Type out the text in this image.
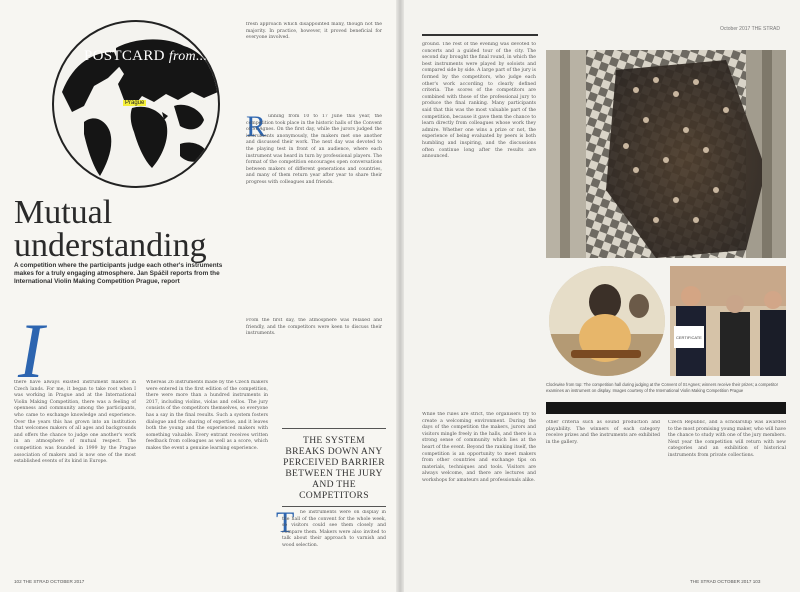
POSTCARD from...
Prague
fresh approach which disappointed many, though not the majority. In practice, however, it proved beneficial for everyone involved.
R unning from 10 to 17 June this year, the competition took place in the historic halls of the Convent of St Agnes. On the first day, while the jurors judged the instruments anonymously, the makers met one another and discussed their work. The next day was devoted to the playing test in front of an audience, where each instrument was heard in turn by professional players. The format of the competition encourages open conversations between makers of different generations and countries, and many of them return year after year to share their progress with colleagues and friends.
From the first day, the atmosphere was relaxed and friendly, and the competitors were keen to discuss their instruments.
Mutual understanding
A competition where the participants judge each other's instruments makes for a truly engaging atmosphere. Jan Spáčil reports from the International Violin Making Competition Prague, report
I
there have always existed instrument makers in Czech lands. For me, it began to take root when I was working in Prague and at the International Violin Making Competition, there was a feeling of openness and community among the participants, who came to exchange knowledge and experience. Over the years this has grown into an institution that welcomes makers of all ages and backgrounds and offers the chance to judge one another's work in an atmosphere of mutual respect. The competition was founded in 1999 by the Prague association of makers and is now one of the most established events of its kind in Europe.
Whereas 26 instruments made by the Czech makers were entered in the first edition of the competition, there were more than a hundred instruments in 2017, including violins, violas and cellos. The jury consists of the competitors themselves, so everyone has a say in the final results. Such a system fosters dialogue and the sharing of expertise, and it leaves both the young and the experienced makers with something valuable. Every entrant receives written feedback from colleagues as well as a score, which makes the event a genuine learning experience.
THE SYSTEM BREAKS DOWN ANY PERCEIVED BARRIER BETWEEN THE JURY AND THE COMPETITORS
T	he instruments were on display in the hall of the convent for the whole week, so visitors could see them closely and compare them. Makers were also invited to talk about their approach to varnish and wood selection.
102 THE STRAD OCTOBER 2017
October 2017 THE STRAD
ground. The rest of the evening was devoted to concerts and a guided tour of the city. The second day brought the final round, in which the best instruments were played by soloists and compared side by side. A large part of the jury is formed by the competitors, who judge each other's work according to clearly defined criteria. The scores of the competitors are combined with those of the professional jury to produce the final ranking. Many participants said that this was the most valuable part of the competition, because it gave them the chance to learn directly from colleagues whose work they admire. Whether one wins a prize or not, the experience of being evaluated by peers is both humbling and inspiring, and the discussions often continue long after the results are announced.
While the rules are strict, the organisers try to create a welcoming environment. During the days of the competition the makers, jurors and visitors mingle freely in the halls, and there is a strong sense of community which lies at the heart of the event. Beyond the ranking itself, the competition is an opportunity to meet makers from other countries and exchange tips on materials, techniques and tools. Visitors are always welcome, and there are lectures and workshops for amateurs and professionals alike.
other criteria such as sound production and playability. The winners of each category receive prizes and the instruments are exhibited in the gallery.
Czech Republic, and a scholarship was awarded to the most promising young maker, who will have the chance to study with one of the jury members. Next year the competition will return with new categories and an exhibition of historical instruments from private collections.
CERTIFICATE
Clockwise from top: The competition hall during judging at the Convent of St Agnes; winners receive their prizes; a competitor examines an instrument on display. Images courtesy of the International Violin Making Competition Prague
THE STRAD OCTOBER 2017 103
